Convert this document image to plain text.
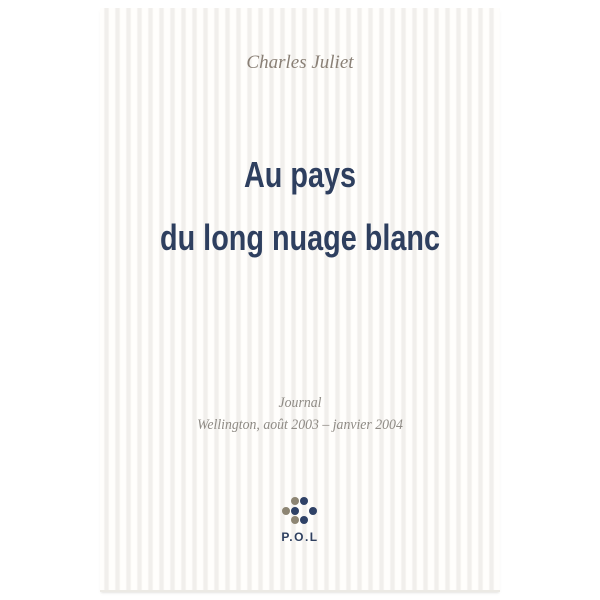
Charles Juliet
Au pays
du long nuage blanc
Journal
Wellington, août 2003 – janvier 2004
P.O.L
